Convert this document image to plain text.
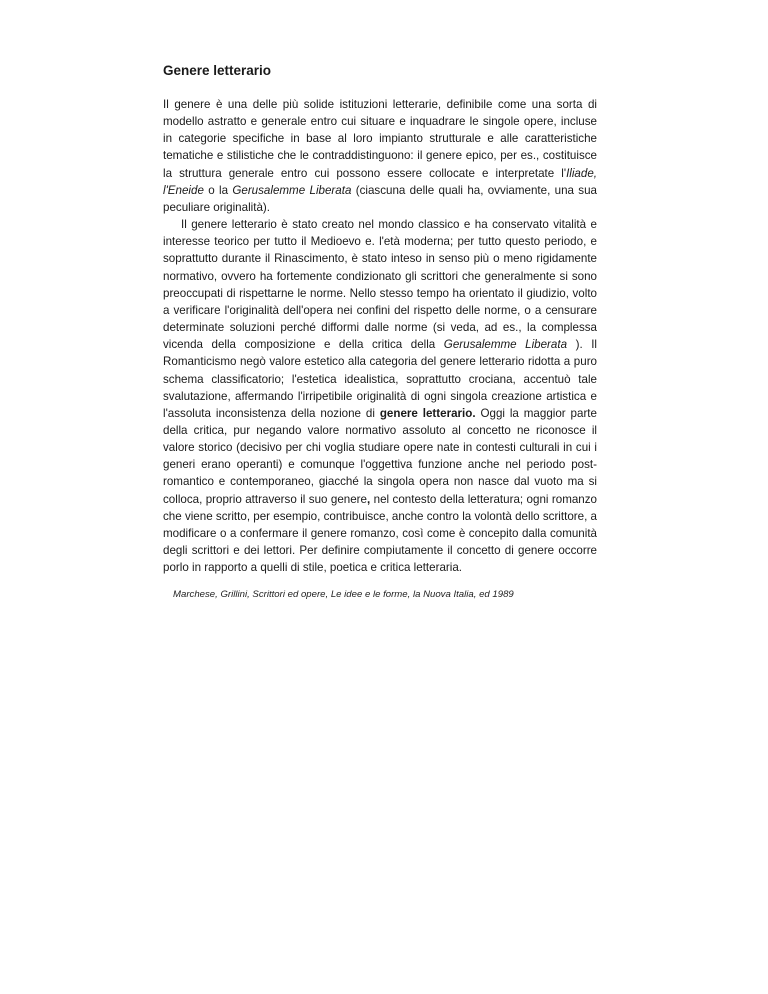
Genere letterario

Il genere è una delle più solide istituzioni letterarie, definibile come una sorta di modello astratto e generale entro cui situare e inquadrare le singole opere, incluse in categorie specifiche in base al loro impianto strutturale e alle caratteristiche tematiche e stilistiche che le contraddistinguono: il genere epico, per es., costituisce la struttura generale entro cui possono essere collocate e interpretate l'Iliade, l'Eneide o la Gerusalemme Liberata (ciascuna delle quali ha, ovviamente, una sua peculiare originalità).

Il genere letterario è stato creato nel mondo classico e ha conservato vitalità e interesse teorico per tutto il Medioevo e. l'età moderna; per tutto questo periodo, e soprattutto durante il Rinascimento, è stato inteso in senso più o meno rigidamente normativo, ovvero ha fortemente condizionato gli scrittori che generalmente si sono preoccupati di rispettarne le norme. Nello stesso tempo ha orientato il giudizio, volto a verificare l'originalità dell'opera nei confini del rispetto delle norme, o a censurare determinate soluzioni perché difformi dalle norme (si veda, ad es., la complessa vicenda della composizione e della critica della Gerusalemme Liberata ). Il Romanticismo negò valore estetico alla categoria del genere letterario ridotta a puro schema classificatorio; l'estetica idealistica, soprattutto crociana, accentuò tale svalutazione, affermando l'irripetibile originalità di ogni singola creazione artistica e l'assoluta inconsistenza della nozione di genere letterario. Oggi la maggior parte della critica, pur negando valore normativo assoluto al concetto ne riconosce il valore storico (decisivo per chi voglia studiare opere nate in contesti culturali in cui i generi erano operanti) e comunque l'oggettiva funzione anche nel periodo post-romantico e contemporaneo, giacché la singola opera non nasce dal vuoto ma si colloca, proprio attraverso il suo genere, nel contesto della letteratura; ogni romanzo che viene scritto, per esempio, contribuisce, anche contro la volontà dello scrittore, a modificare o a confermare il genere romanzo, così come è concepito dalla comunità degli scrittori e dei lettori. Per definire compiutamente il concetto di genere occorre porlo in rapporto a quelli di stile, poetica e critica letteraria.

Marchese, Grillini, Scrittori ed opere, Le idee e le forme, la Nuova Italia, ed 1989
